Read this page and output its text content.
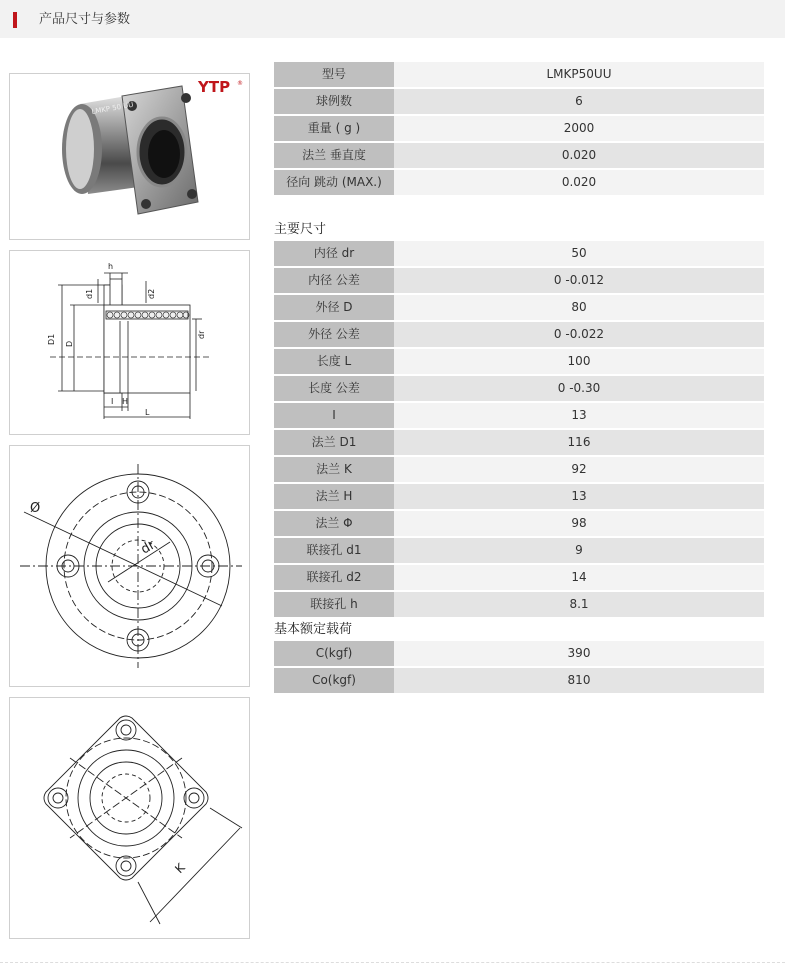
产品尺寸与参数
LMKP 50 UU
YTP ®
h
d1	d2
D1 D
dr
I H
L
Ø
dr
K
型号	LMKP50UU
球例数	6
重量 ( g )	2000
法兰 垂直度	0.020
径向 跳动 (MAX.)	0.020
主要尺寸
内径 dr	50
内径 公差	0 -0.012
外径 D	80
外径 公差	0 -0.022
长度 L	100
长度 公差	0 -0.30
I	13
法兰 D1	116
法兰 K	92
法兰 H	13
法兰 Φ	98
联接孔 d1	9
联接孔 d2	14
联接孔 h	8.1
基本额定载荷
C(kgf)	390
Co(kgf)	810
